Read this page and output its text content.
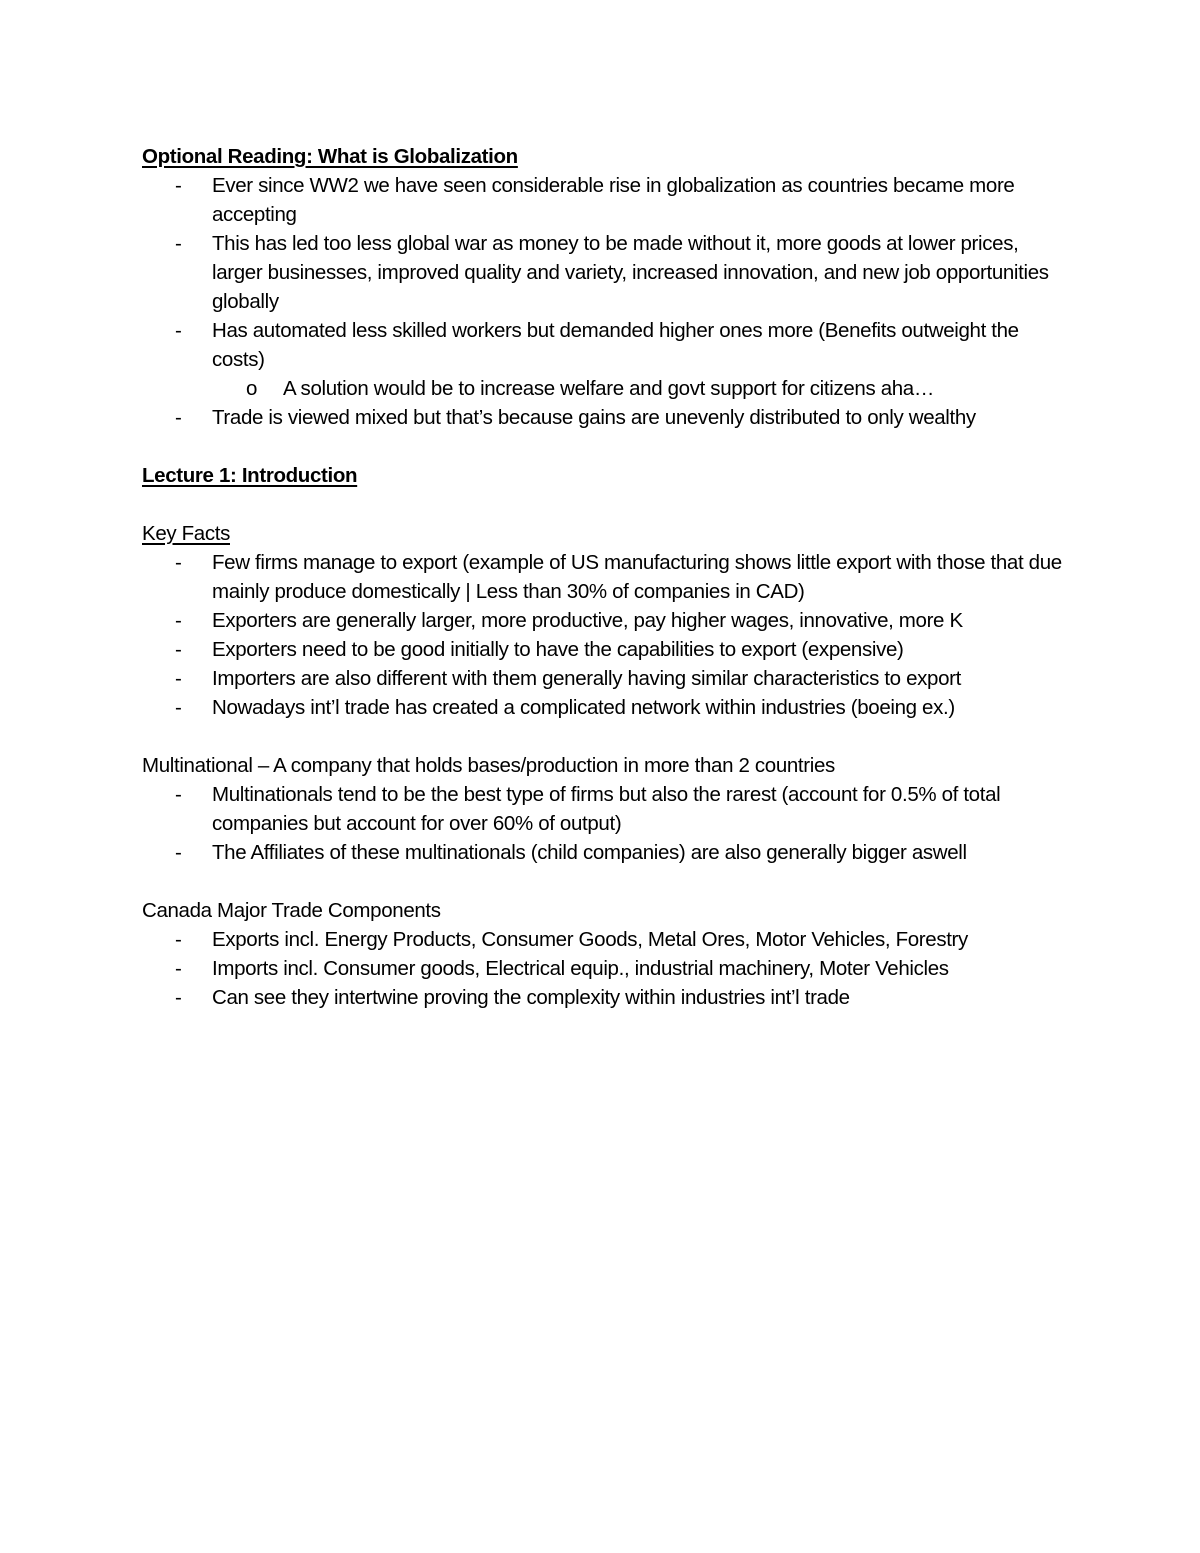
Optional Reading: What is Globalization
- Ever since WW2 we have seen considerable rise in globalization as countries became more accepting
- This has led too less global war as money to be made without it, more goods at lower prices, larger businesses, improved quality and variety, increased innovation, and new job opportunities globally
- Has automated less skilled workers but demanded higher ones more (Benefits outweight the costs)
o A solution would be to increase welfare and govt support for citizens aha…
- Trade is viewed mixed but that’s because gains are unevenly distributed to only wealthy
Lecture 1: Introduction
Key Facts
- Few firms manage to export (example of US manufacturing shows little export with those that due mainly produce domestically | Less than 30% of companies in CAD)
- Exporters are generally larger, more productive, pay higher wages, innovative, more K
- Exporters need to be good initially to have the capabilities to export (expensive)
- Importers are also different with them generally having similar characteristics to export
- Nowadays int’l trade has created a complicated network within industries (boeing ex.)
Multinational – A company that holds bases/production in more than 2 countries
- Multinationals tend to be the best type of firms but also the rarest (account for 0.5% of total companies but account for over 60% of output)
- The Affiliates of these multinationals (child companies) are also generally bigger aswell
Canada Major Trade Components
- Exports incl. Energy Products, Consumer Goods, Metal Ores, Motor Vehicles, Forestry
- Imports incl. Consumer goods, Electrical equip., industrial machinery, Moter Vehicles
- Can see they intertwine proving the complexity within industries int’l trade
